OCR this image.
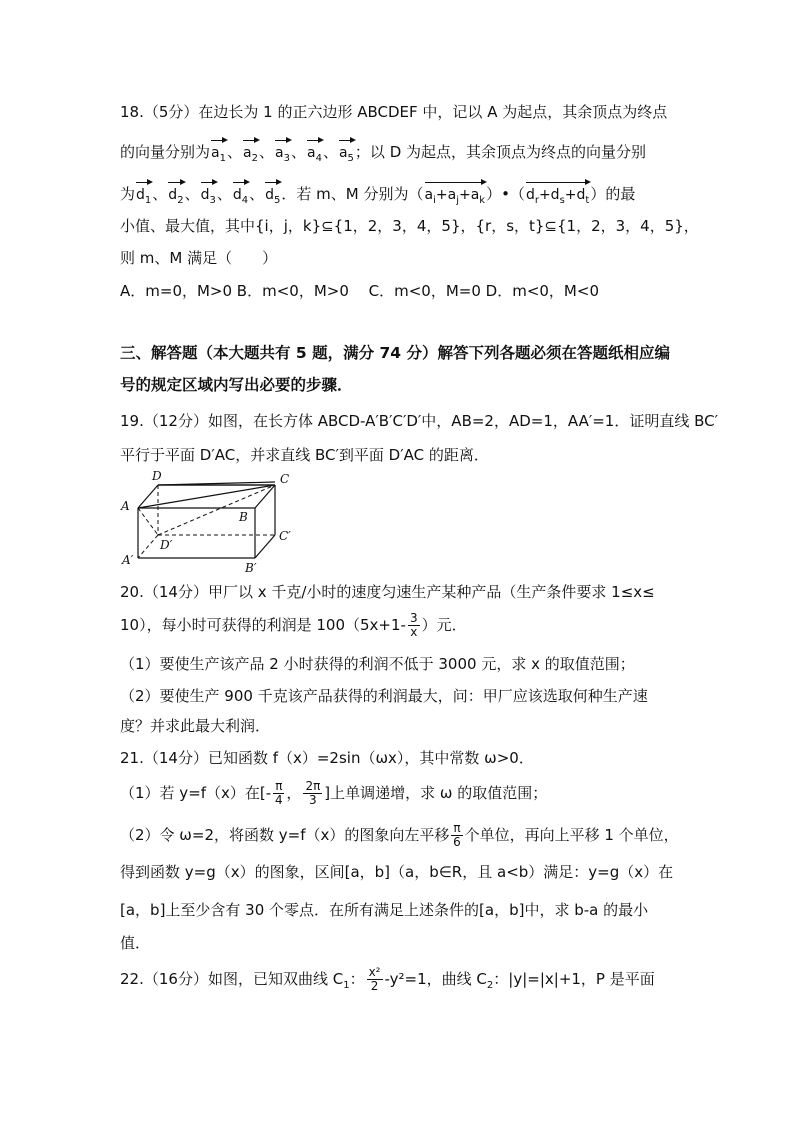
18.（5分）在边长为 1 的正六边形 ABCDEF 中，记以 A 为起点，其余顶点为终点
的向量分别为$a_1$、$a_2$、$a_3$、$a_4$、$a_5$；以 D 为起点，其余顶点为终点的向量分别
为$d_1$、$d_2$、$d_3$、$d_4$、$d_5$．若 m、M 分别为$(a_i+a_j+a_k)•(d_r+d_s+d_t)$的最
小值、最大值，其中{i，j，k}⊆{1，2，3，4，5}，{r，s，t}⊆{1，2，3，4，5}，
则 m、M 满足（　　）
A．m=0，M>0 B．m<0，M>0　 C．m<0，M=0 D．m<0，M<0
三、解答题（本大题共有 5 题，满分 74 分）解答下列各题必须在答题纸相应编
号的规定区域内写出必要的步骤．
19.（12分）如图，在长方体 ABCD-A′B′C′D′中，AB=2，AD=1，AA′=1．证明直线 BC′
平行于平面 D′AC，并求直线 BC′到平面 D′AC 的距离．
D	C
A
B
D′
C′
A′
B′
20.（14分）甲厂以 x 千克/小时的速度匀速生产某种产品（生产条件要求 1≤x≤
10），每小时可获得的利润是 $100(5x+1- \frac{3}{x}$ ）元．
（1）要使生产该产品 2 小时获得的利润不低于 3000 元，求 x 的取值范围；
（2）要使生产 900 千克该产品获得的利润最大，问：甲厂应该选取何种生产速
度？并求此最大利润．
21.（14分）已知函数 f（x）=2sin（ωx），其中常数 ω>0．
（1）若 y=f（x）在[- $\frac{\pi}{4}$ ， $\frac{2\pi}{3}$ ]上单调递增，求 ω 的取值范围；
（2）令 ω=2，将函数 y=f（x）的图象向左平移 $\frac{\pi}{6}$ 个单位，再向上平移 1 个单位，
得到函数 y=g（x）的图象，区间[a，b]（a，b∈R，且 a<b）满足：y=g（x）在
[a，b]上至少含有 30 个零点．在所有满足上述条件的[a，b]中，求 b-a 的最小
值．
22.（16分）如图，已知双曲线 $C_1$： $\frac{\text{x²}}{2} -y^2=1$，曲线 $C_2$：|y|=|x|+1，P 是平面
